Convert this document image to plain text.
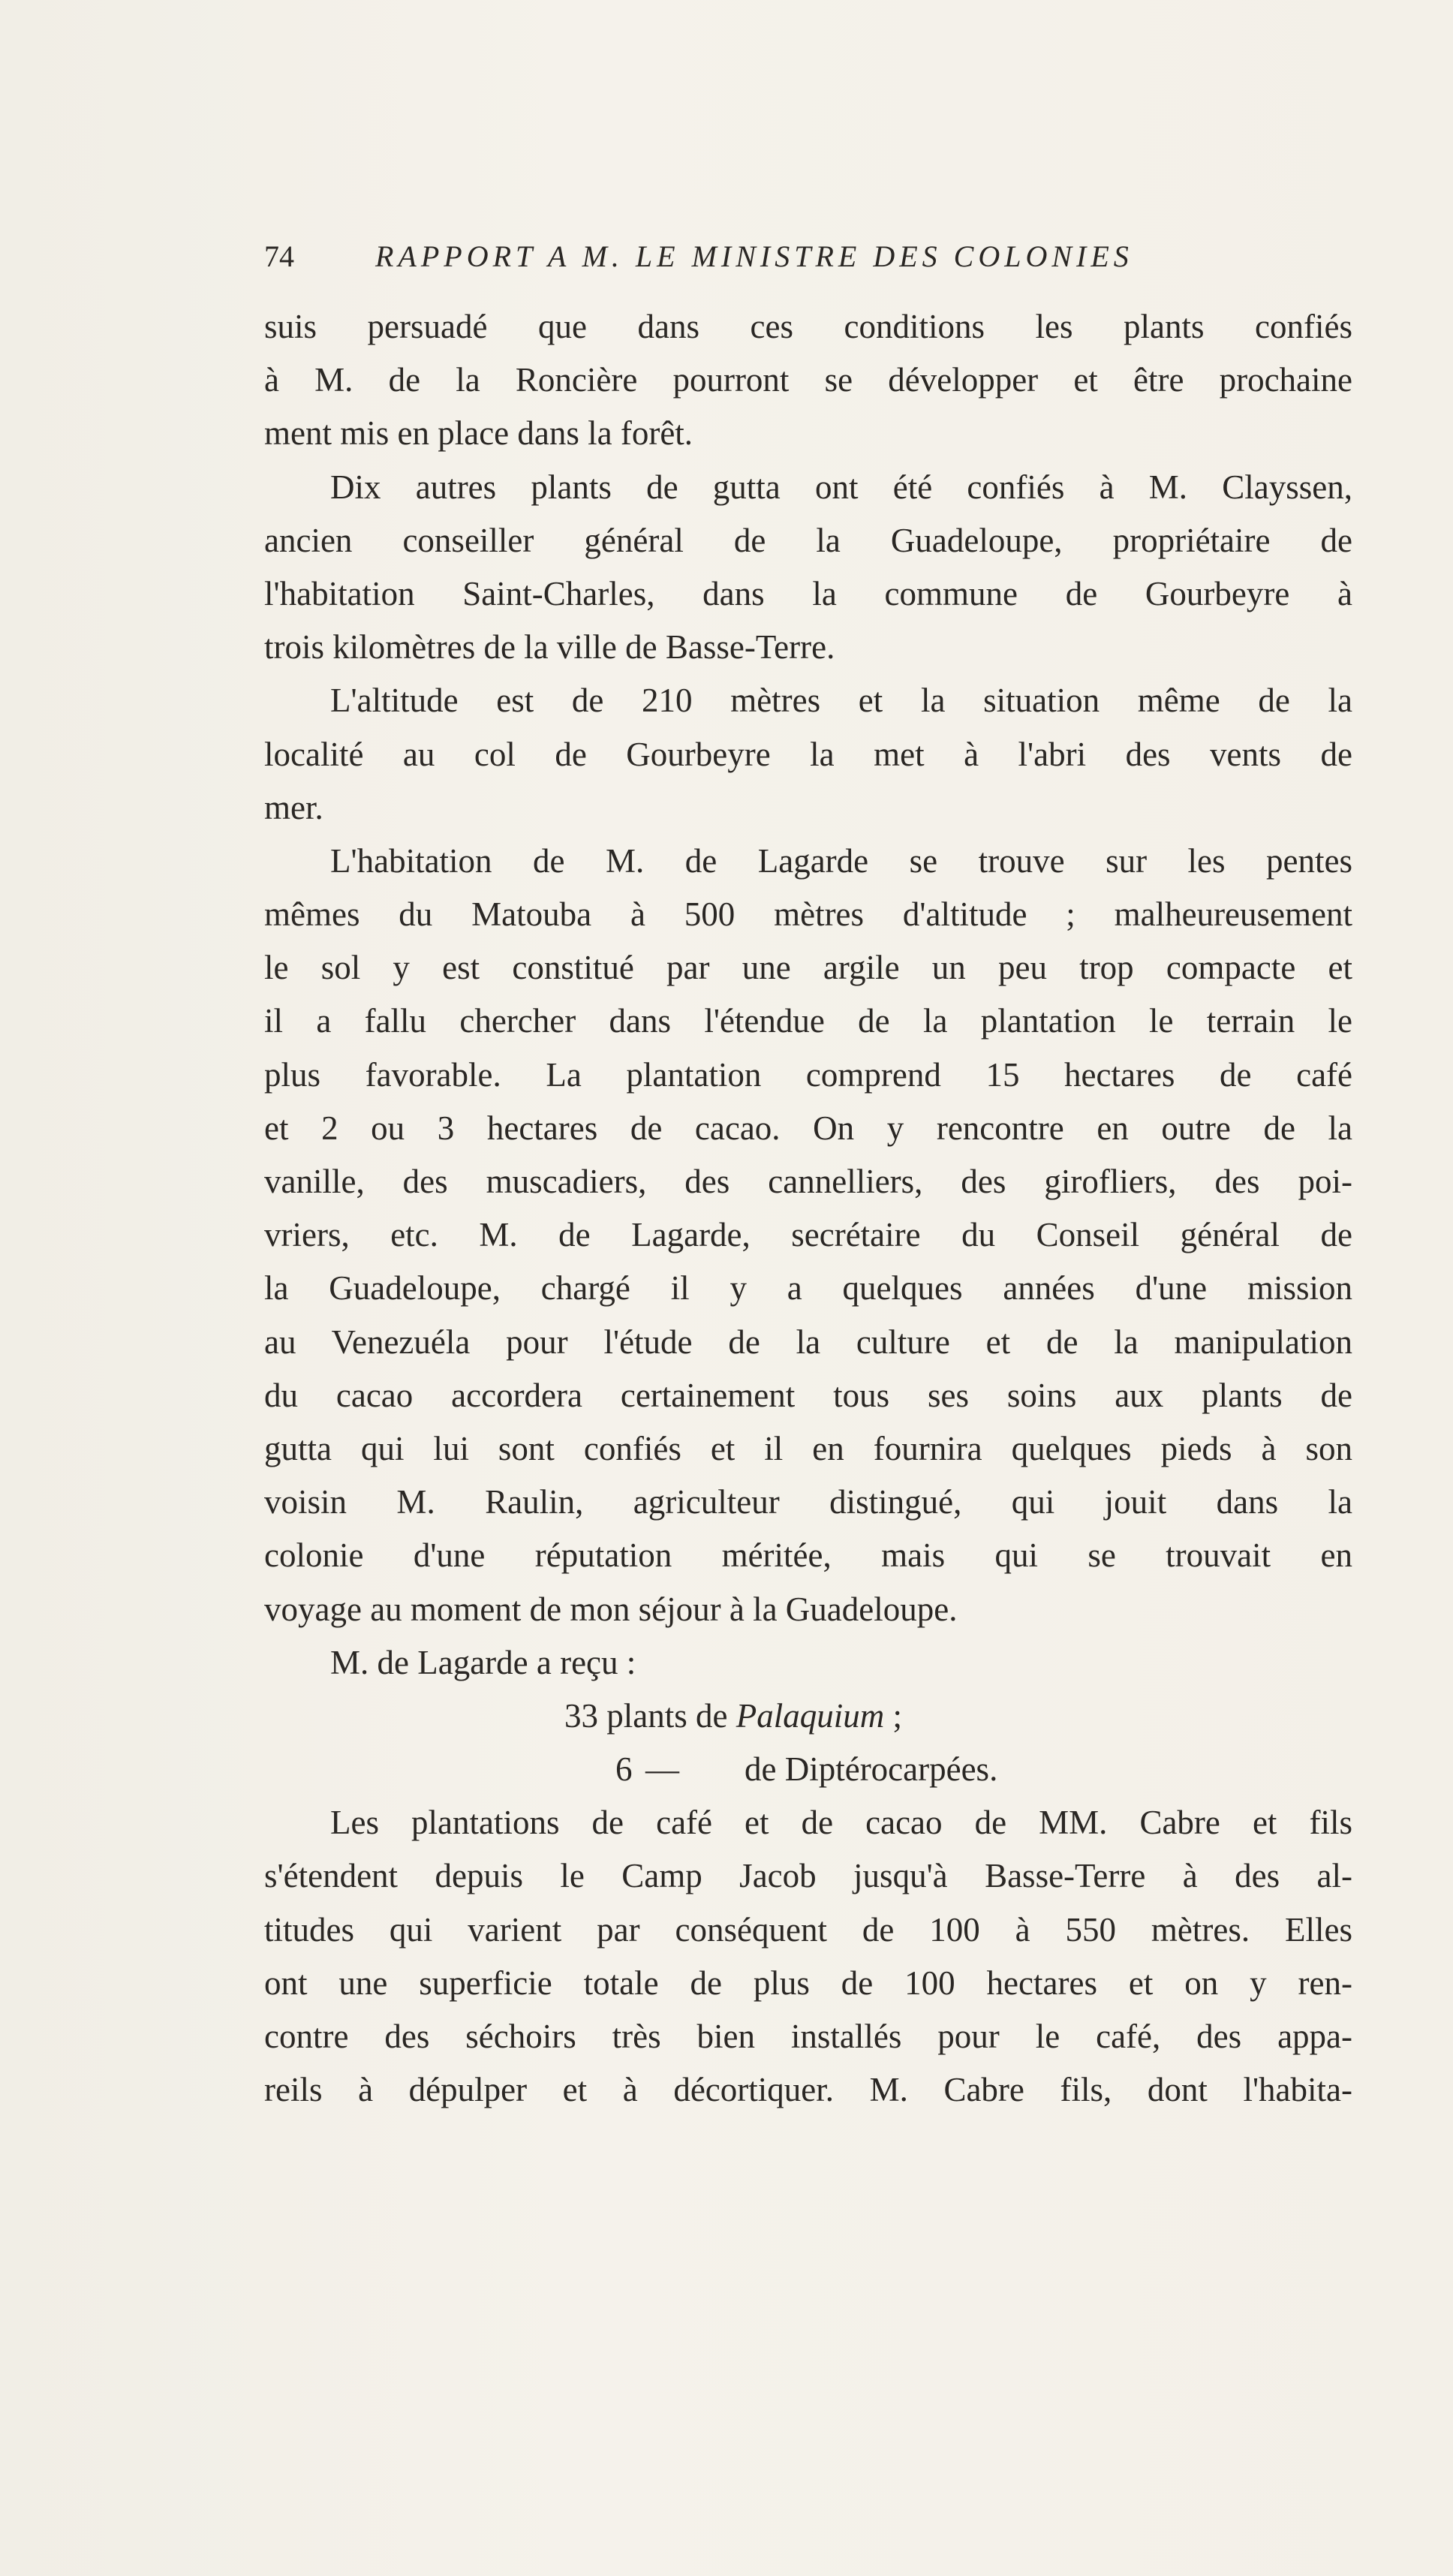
74	RAPPORT A M. LE MINISTRE DES COLONIES
suis persuadé que dans ces conditions les plants confiés
à M. de la Roncière pourront se développer et être prochaine
ment mis en place dans la forêt.
Dix autres plants de gutta ont été confiés à M. Clayssen,
ancien conseiller général de la Guadeloupe, propriétaire de
l'habitation Saint-Charles, dans la commune de Gourbeyre à
trois kilomètres de la ville de Basse-Terre.
L'altitude est de 210 mètres et la situation même de la
localité au col de Gourbeyre la met à l'abri des vents de
mer.
L'habitation de M. de Lagarde se trouve sur les pentes
mêmes du Matouba à 500 mètres d'altitude ; malheureusement
le sol y est constitué par une argile un peu trop compacte et
il a fallu chercher dans l'étendue de la plantation le terrain le
plus favorable. La plantation comprend 15 hectares de café
et 2 ou 3 hectares de cacao. On y rencontre en outre de la
vanille, des muscadiers, des cannelliers, des girofliers, des poi-
vriers, etc. M. de Lagarde, secrétaire du Conseil général de
la Guadeloupe, chargé il y a quelques années d'une mission
au Venezuéla pour l'étude de la culture et de la manipulation
du cacao accordera certainement tous ses soins aux plants de
gutta qui lui sont confiés et il en fournira quelques pieds à son
voisin M. Raulin, agriculteur distingué, qui jouit dans la
colonie d'une réputation méritée, mais qui se trouvait en
voyage au moment de mon séjour à la Guadeloupe.
M. de Lagarde a reçu :
33 plants de Palaquium ;
6 — de Diptérocarpées.
Les plantations de café et de cacao de MM. Cabre et fils
s'étendent depuis le Camp Jacob jusqu'à Basse-Terre à des al-
titudes qui varient par conséquent de 100 à 550 mètres. Elles
ont une superficie totale de plus de 100 hectares et on y ren-
contre des séchoirs très bien installés pour le café, des appa-
reils à dépulper et à décortiquer. M. Cabre fils, dont l'habita-
